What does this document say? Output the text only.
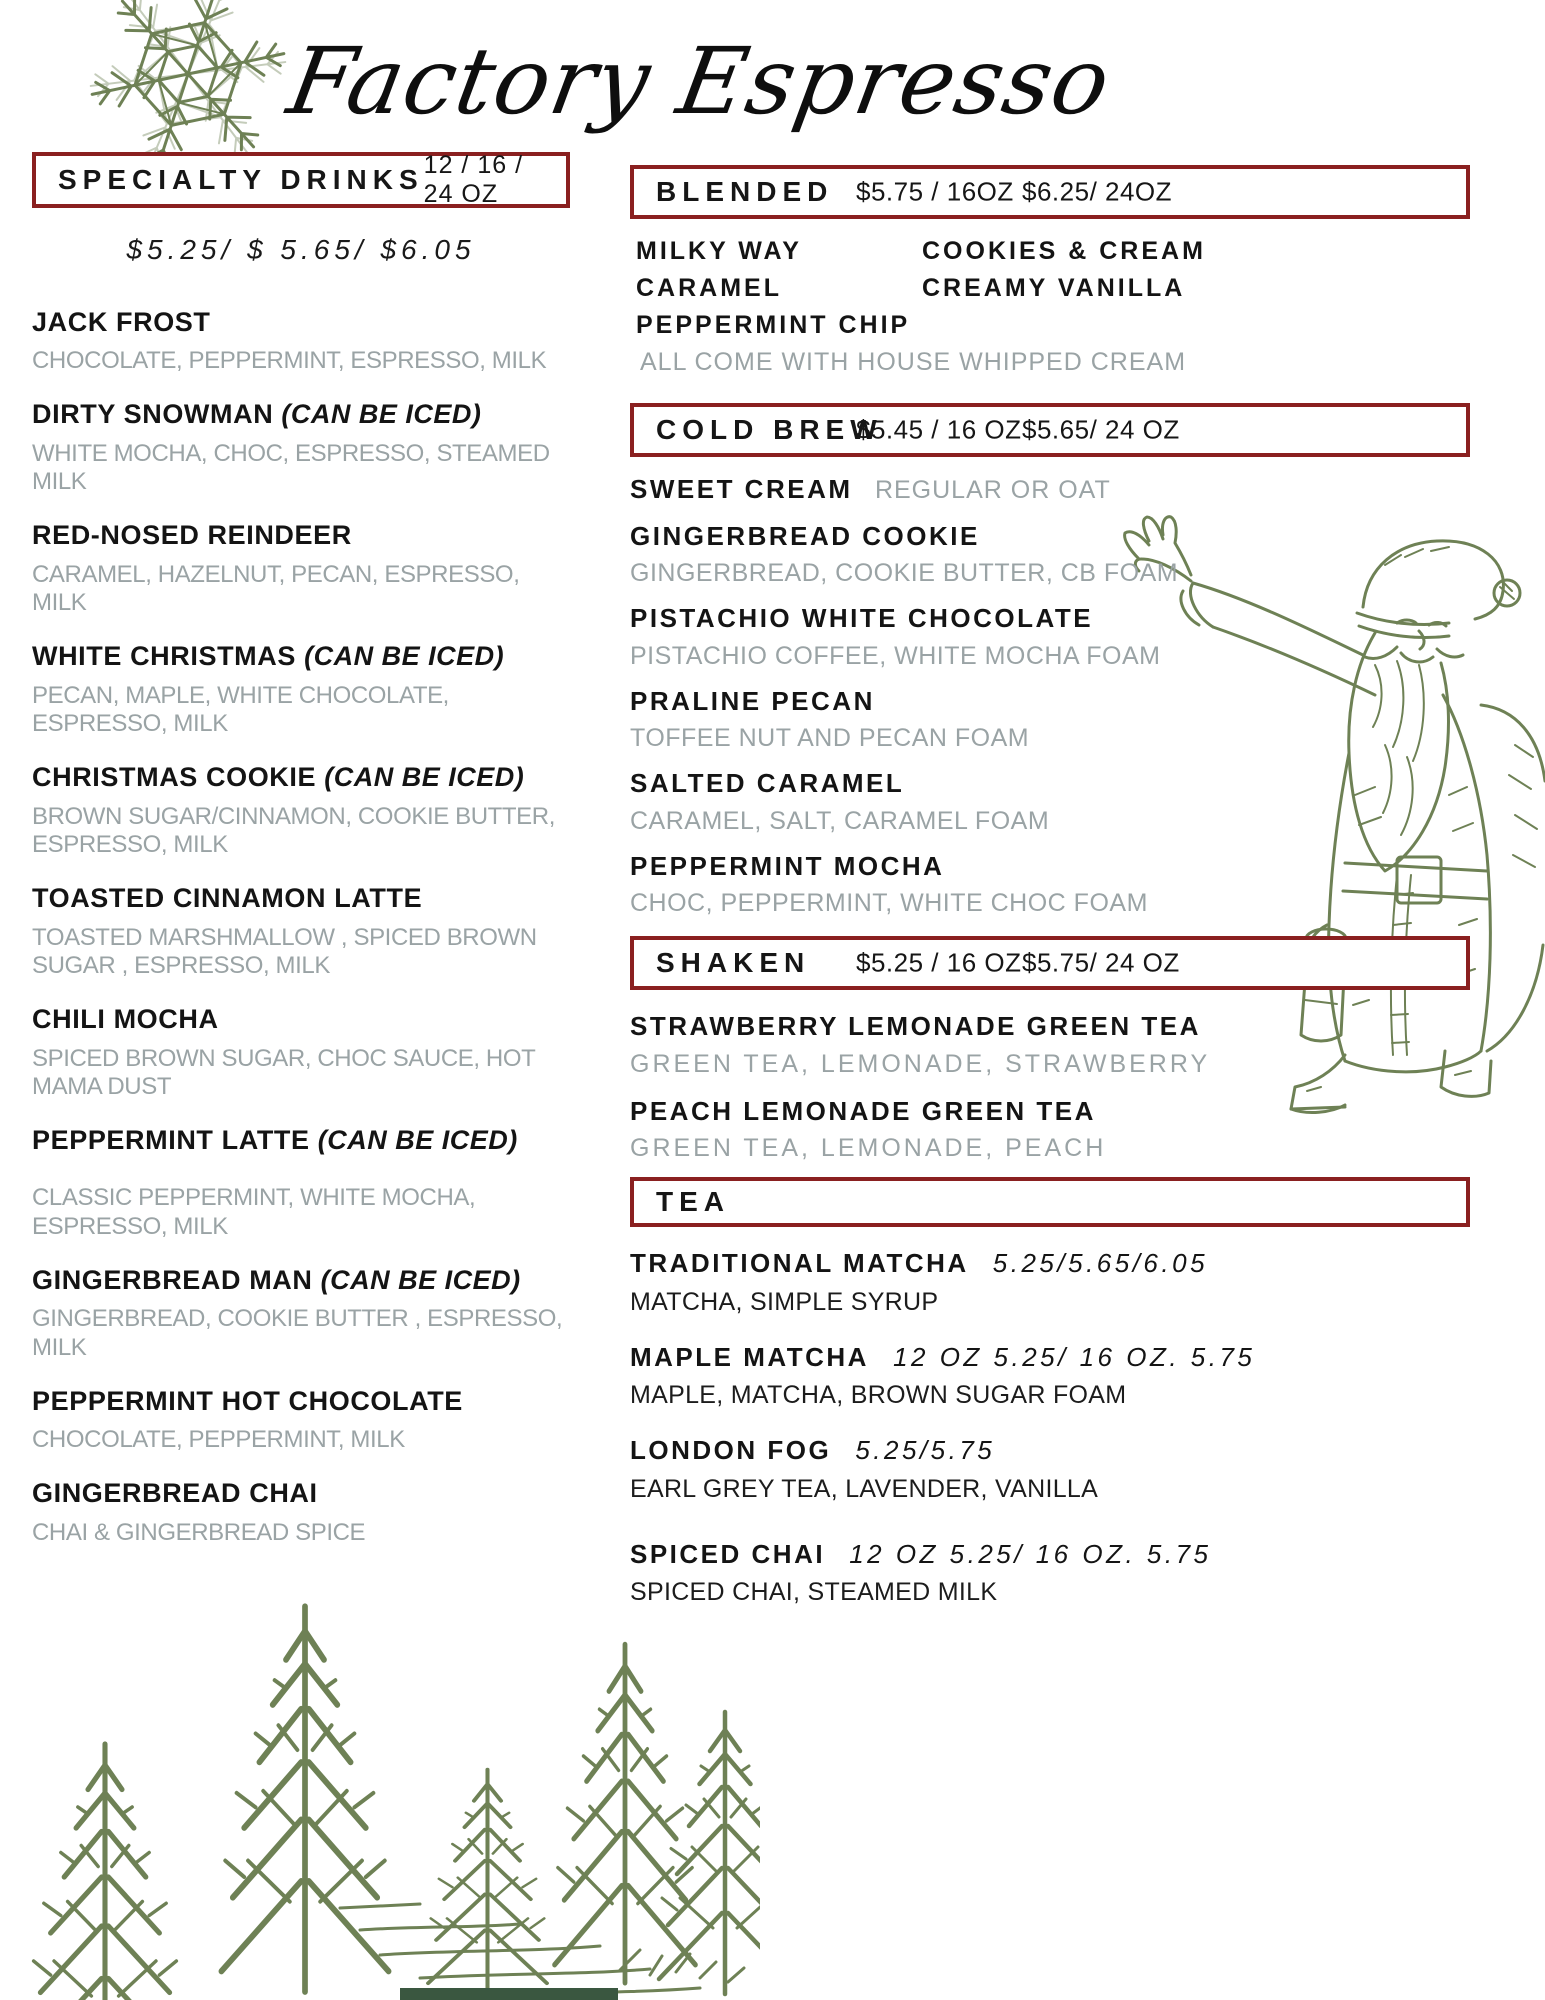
Factory Espresso
SPECIALTY DRINKS 12 / 16 / 24 OZ
$5.25/ $ 5.65/ $6.05
JACK FROST
CHOCOLATE, PEPPERMINT, ESPRESSO, MILK
DIRTY SNOWMAN (CAN BE ICED)
WHITE MOCHA, CHOC, ESPRESSO, STEAMED MILK
RED-NOSED REINDEER
CARAMEL, HAZELNUT, PECAN, ESPRESSO, MILK
WHITE CHRISTMAS (CAN BE ICED)
PECAN, MAPLE, WHITE CHOCOLATE, ESPRESSO, MILK
CHRISTMAS COOKIE (CAN BE ICED)
BROWN SUGAR/CINNAMON, COOKIE BUTTER, ESPRESSO, MILK
TOASTED CINNAMON LATTE
TOASTED MARSHMALLOW , SPICED BROWN SUGAR , ESPRESSO, MILK
CHILI MOCHA
SPICED BROWN SUGAR, CHOC SAUCE, HOT MAMA DUST
PEPPERMINT LATTE (CAN BE ICED)
CLASSIC PEPPERMINT, WHITE MOCHA, ESPRESSO, MILK
GINGERBREAD MAN (CAN BE ICED)
GINGERBREAD, COOKIE BUTTER , ESPRESSO, MILK
PEPPERMINT HOT CHOCOLATE
CHOCOLATE, PEPPERMINT, MILK
GINGERBREAD CHAI
CHAI & GINGERBREAD SPICE
BLENDED $5.75 / 16OZ $6.25/ 24OZ
MILKY WAY
CARAMEL
PEPPERMINT CHIP
COOKIES & CREAM
CREAMY VANILLA
ALL COME WITH HOUSE WHIPPED CREAM
COLD BREW
$5.45 / 16 OZ $5.65/ 24 OZ
SWEET CREAM REGULAR OR OAT
GINGERBREAD COOKIE
GINGERBREAD, COOKIE BUTTER, CB FOAM
PISTACHIO WHITE CHOCOLATE
PISTACHIO COFFEE, WHITE MOCHA FOAM
PRALINE PECAN
TOFFEE NUT AND PECAN FOAM
SALTED CARAMEL
CARAMEL, SALT, CARAMEL FOAM
PEPPERMINT MOCHA
CHOC, PEPPERMINT, WHITE CHOC FOAM
SHAKEN $5.25 / 16 OZ $5.75/ 24 OZ
STRAWBERRY LEMONADE GREEN TEA
GREEN TEA, LEMONADE, STRAWBERRY
PEACH LEMONADE GREEN TEA
GREEN TEA, LEMONADE, PEACH
TEA
TRADITIONAL MATCHA 5.25/5.65/6.05
MATCHA, SIMPLE SYRUP
MAPLE MATCHA 12 OZ 5.25/ 16 OZ. 5.75
MAPLE, MATCHA, BROWN SUGAR FOAM
LONDON FOG 5.25/5.75
EARL GREY TEA, LAVENDER, VANILLA
SPICED CHAI 12 OZ 5.25/ 16 OZ. 5.75
SPICED CHAI, STEAMED MILK
